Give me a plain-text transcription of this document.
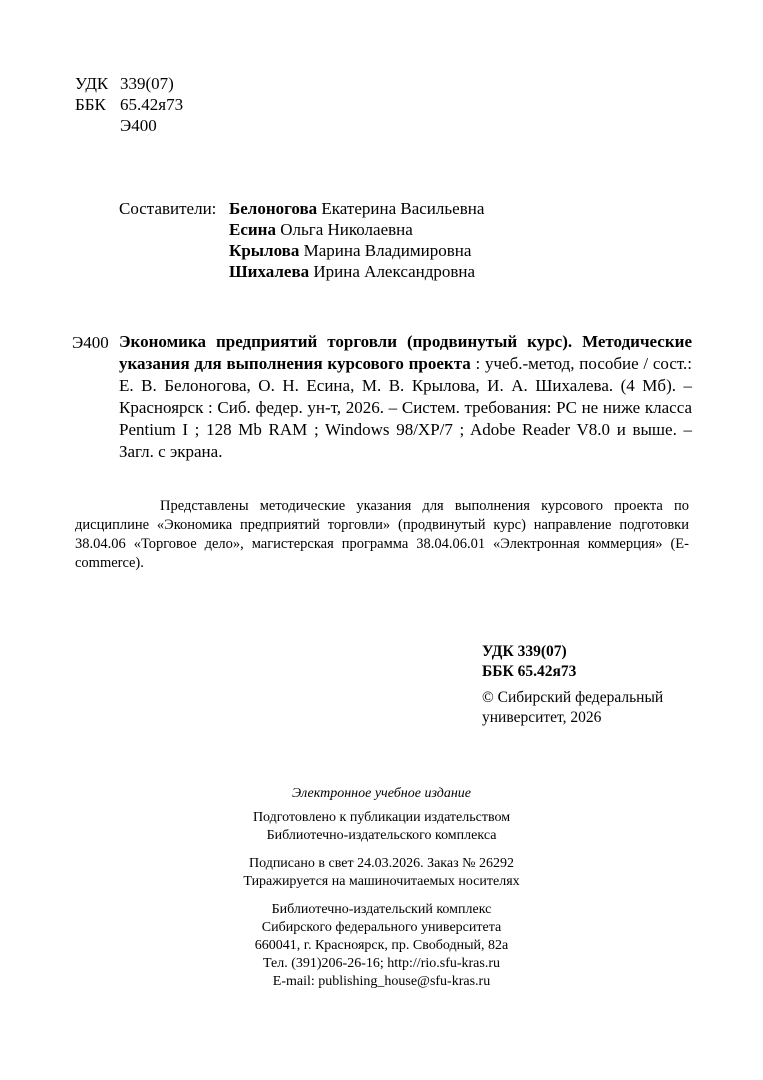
УДК 339(07)
ББК 65.42я73
Э400
Составители: Белоногова Екатерина Васильевна
Есина Ольга Николаевна
Крылова Марина Владимировна
Шихалева Ирина Александровна
Э400 Экономика предприятий торговли (продвинутый курс). Методические указания для выполнения курсового проекта : учеб.-метод, пособие / сост.: Е. В. Белоногова, О. Н. Есина, М. В. Крылова, И. А. Шихалева. (4 Мб). – Красноярск : Сиб. федер. ун-т, 2026. – Систем. требования: PC не ниже класса Pentium I ; 128 Mb RAM ; Windows 98/XP/7 ; Adobe Reader V8.0 и выше. – Загл. с экрана.
Представлены методические указания для выполнения курсового проекта по дисциплине «Экономика предприятий торговли» (продвинутый курс) направление подготовки 38.04.06 «Торговое дело», магистерская программа 38.04.06.01 «Электронная коммерция» (E-commerce).
УДК 339(07)
ББК 65.42я73
© Сибирский федеральный
университет, 2026
Электронное учебное издание
Подготовлено к публикации издательством
Библиотечно-издательского комплекса
Подписано в свет 24.03.2026. Заказ № 26292
Тиражируется на машиночитаемых носителях
Библиотечно-издательский комплекс
Сибирского федерального университета
660041, г. Красноярск, пр. Свободный, 82а
Тел. (391)206-26-16; http://rio.sfu-kras.ru
E-mail: publishing_house@sfu-kras.ru
